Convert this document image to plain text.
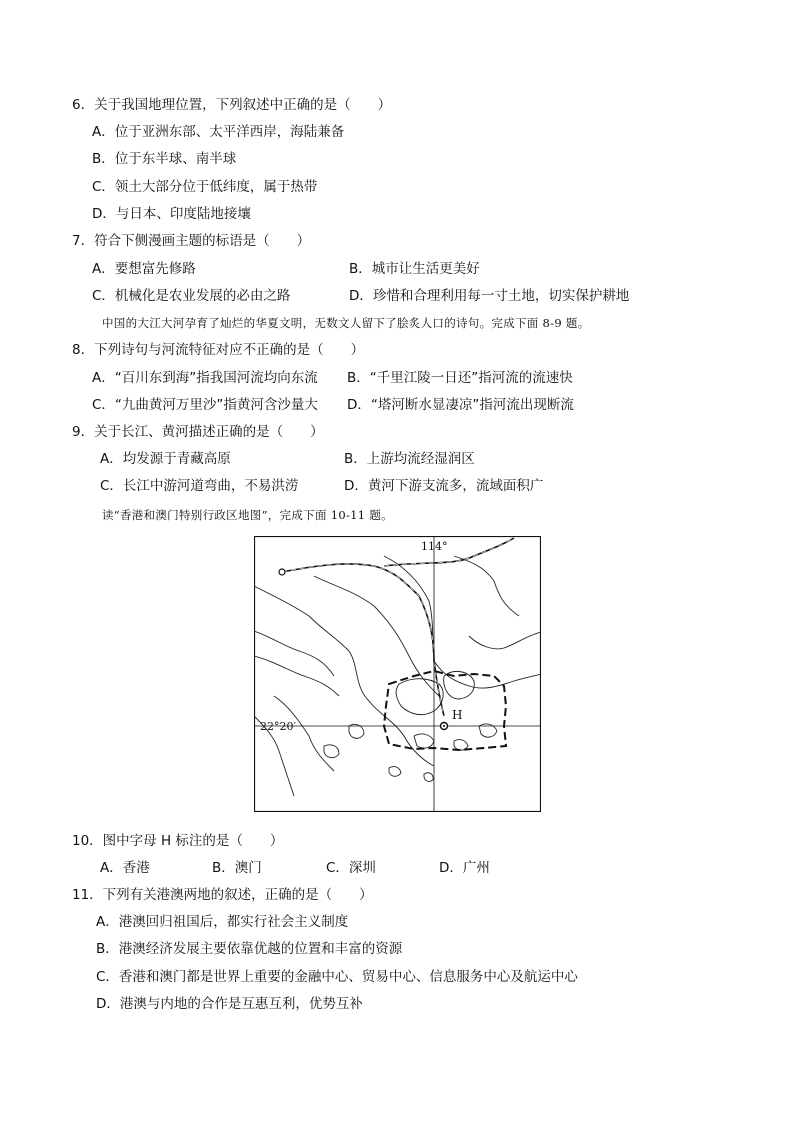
6．关于我国地理位置，下列叙述中正确的是（　　）
A．位于亚洲东部、太平洋西岸，海陆兼备
B．位于东半球、南半球
C．领土大部分位于低纬度，属于热带
D．与日本、印度陆地接壤
7．符合下侧漫画主题的标语是（　　）
A．要想富先修路	B．城市让生活更美好
C．机械化是农业发展的必由之路	D．珍惜和合理利用每一寸土地，切实保护耕地
中国的大江大河孕育了灿烂的华夏文明，无数文人留下了脍炙人口的诗句。完成下面 8-9 题。
8．下列诗句与河流特征对应不正确的是（　　）
A．“百川东到海”指我国河流均向东流 B．“千里江陵一日还”指河流的流速快
C．“九曲黄河万里沙”指黄河含沙量大 D．“塔河断水显凄凉”指河流出现断流
9．关于长江、黄河描述正确的是（　　）
A．均发源于青藏高原	B．上游均流经湿润区
C．长江中游河道弯曲，不易洪涝	D．黄河下游支流多，流域面积广
读“香港和澳门特别行政区地图”，完成下面 10-11 题。
114°
22°20′
H
10．图中字母 H 标注的是（　　）
A．香港	B．澳门	C．深圳	D．广州
11．下列有关港澳两地的叙述，正确的是（　　）
A．港澳回归祖国后，都实行社会主义制度
B．港澳经济发展主要依靠优越的位置和丰富的资源
C．香港和澳门都是世界上重要的金融中心、贸易中心、信息服务中心及航运中心
D．港澳与内地的合作是互惠互利，优势互补
